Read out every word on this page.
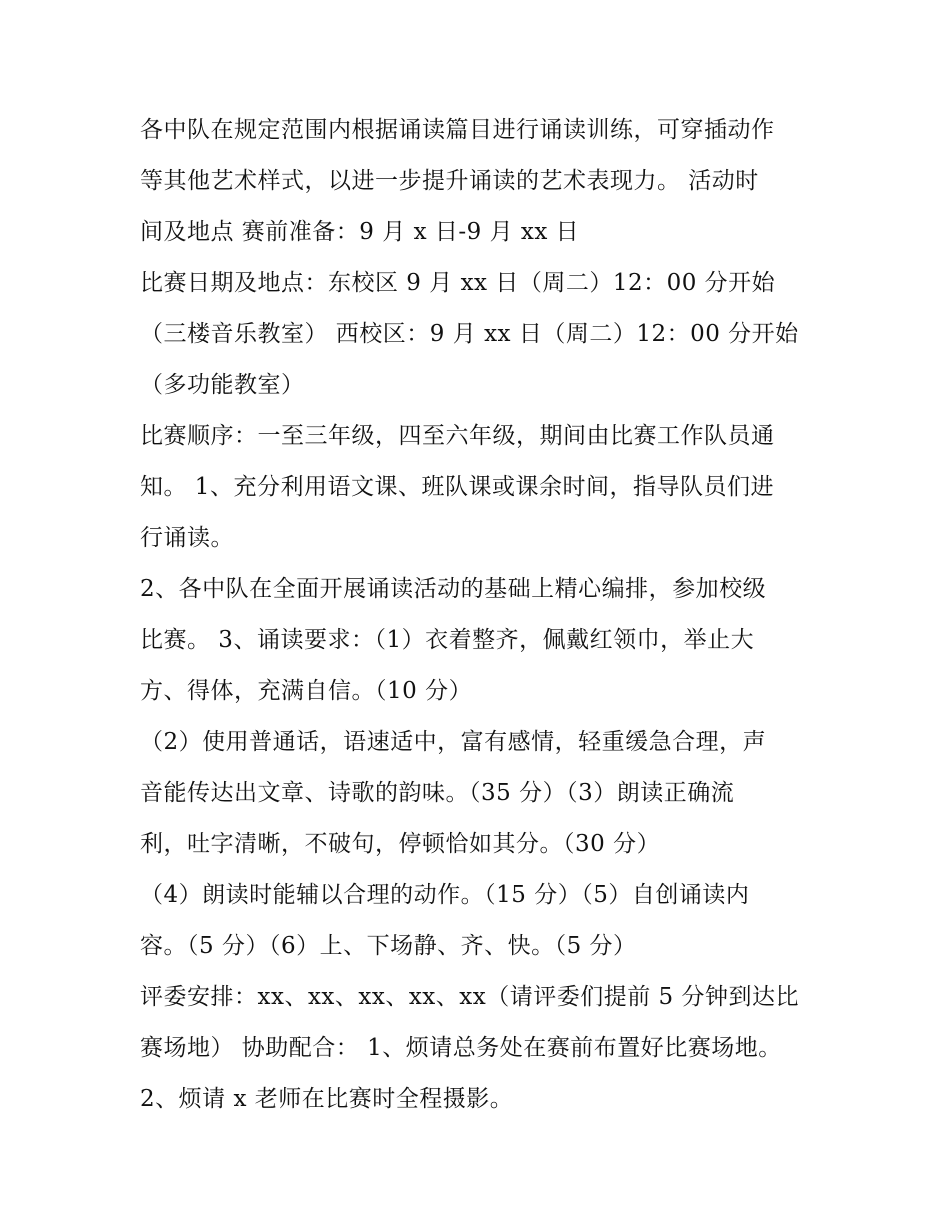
各中队在规定范围内根据诵读篇目进行诵读训练，可穿插动作
等其他艺术样式，以进一步提升诵读的艺术表现力。 活动时
间及地点 赛前准备：9 月 x 日-9 月 xx 日
比赛日期及地点：东校区 9 月 xx 日（周二）12：00 分开始
（三楼音乐教室） 西校区：9 月 xx 日（周二）12：00 分开始
（多功能教室）
比赛顺序：一至三年级，四至六年级，期间由比赛工作队员通
知。 1、充分利用语文课、班队课或课余时间，指导队员们进
行诵读。
2、各中队在全面开展诵读活动的基础上精心编排，参加校级
比赛。 3、诵读要求：（1）衣着整齐，佩戴红领巾，举止大
方、得体，充满自信。（10 分）
（2）使用普通话，语速适中，富有感情，轻重缓急合理，声
音能传达出文章、诗歌的韵味。（35 分）（3）朗读正确流
利，吐字清晰，不破句，停顿恰如其分。（30 分）
（4）朗读时能辅以合理的动作。（15 分）（5）自创诵读内
容。（5 分）（6）上、下场静、齐、快。（5 分）
评委安排：xx、xx、xx、xx、xx（请评委们提前 5 分钟到达比
赛场地） 协助配合： 1、烦请总务处在赛前布置好比赛场地。
2、烦请 x 老师在比赛时全程摄影。
